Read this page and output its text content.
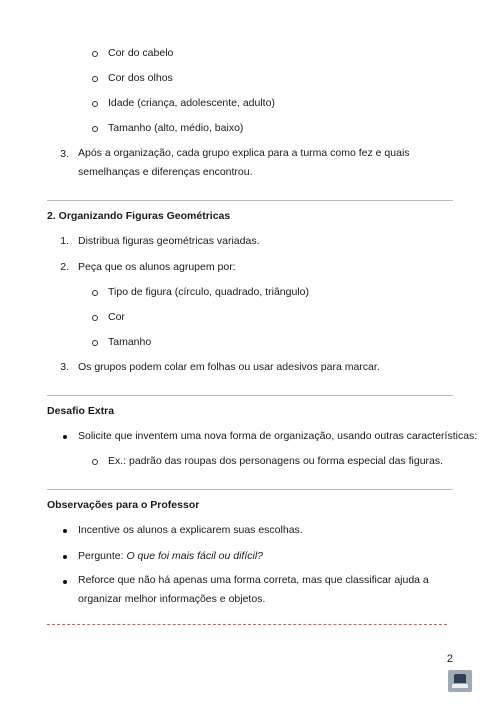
Cor do cabelo
Cor dos olhos
Idade (criança, adolescente, adulto)
Tamanho (alto, médio, baixo)
3. Após a organização, cada grupo explica para a turma como fez e quais semelhanças e diferenças encontrou.
2. Organizando Figuras Geométricas
1. Distribua figuras geométricas variadas.
2. Peça que os alunos agrupem por:
Tipo de figura (círculo, quadrado, triângulo)
Cor
Tamanho
3. Os grupos podem colar em folhas ou usar adesivos para marcar.
Desafio Extra
Solicite que inventem uma nova forma de organização, usando outras características:
Ex.: padrão das roupas dos personagens ou forma especial das figuras.
Observações para o Professor
Incentive os alunos a explicarem suas escolhas.
Pergunte: O que foi mais fácil ou difícil?
Reforce que não há apenas uma forma correta, mas que classificar ajuda a organizar melhor informações e objetos.
2
